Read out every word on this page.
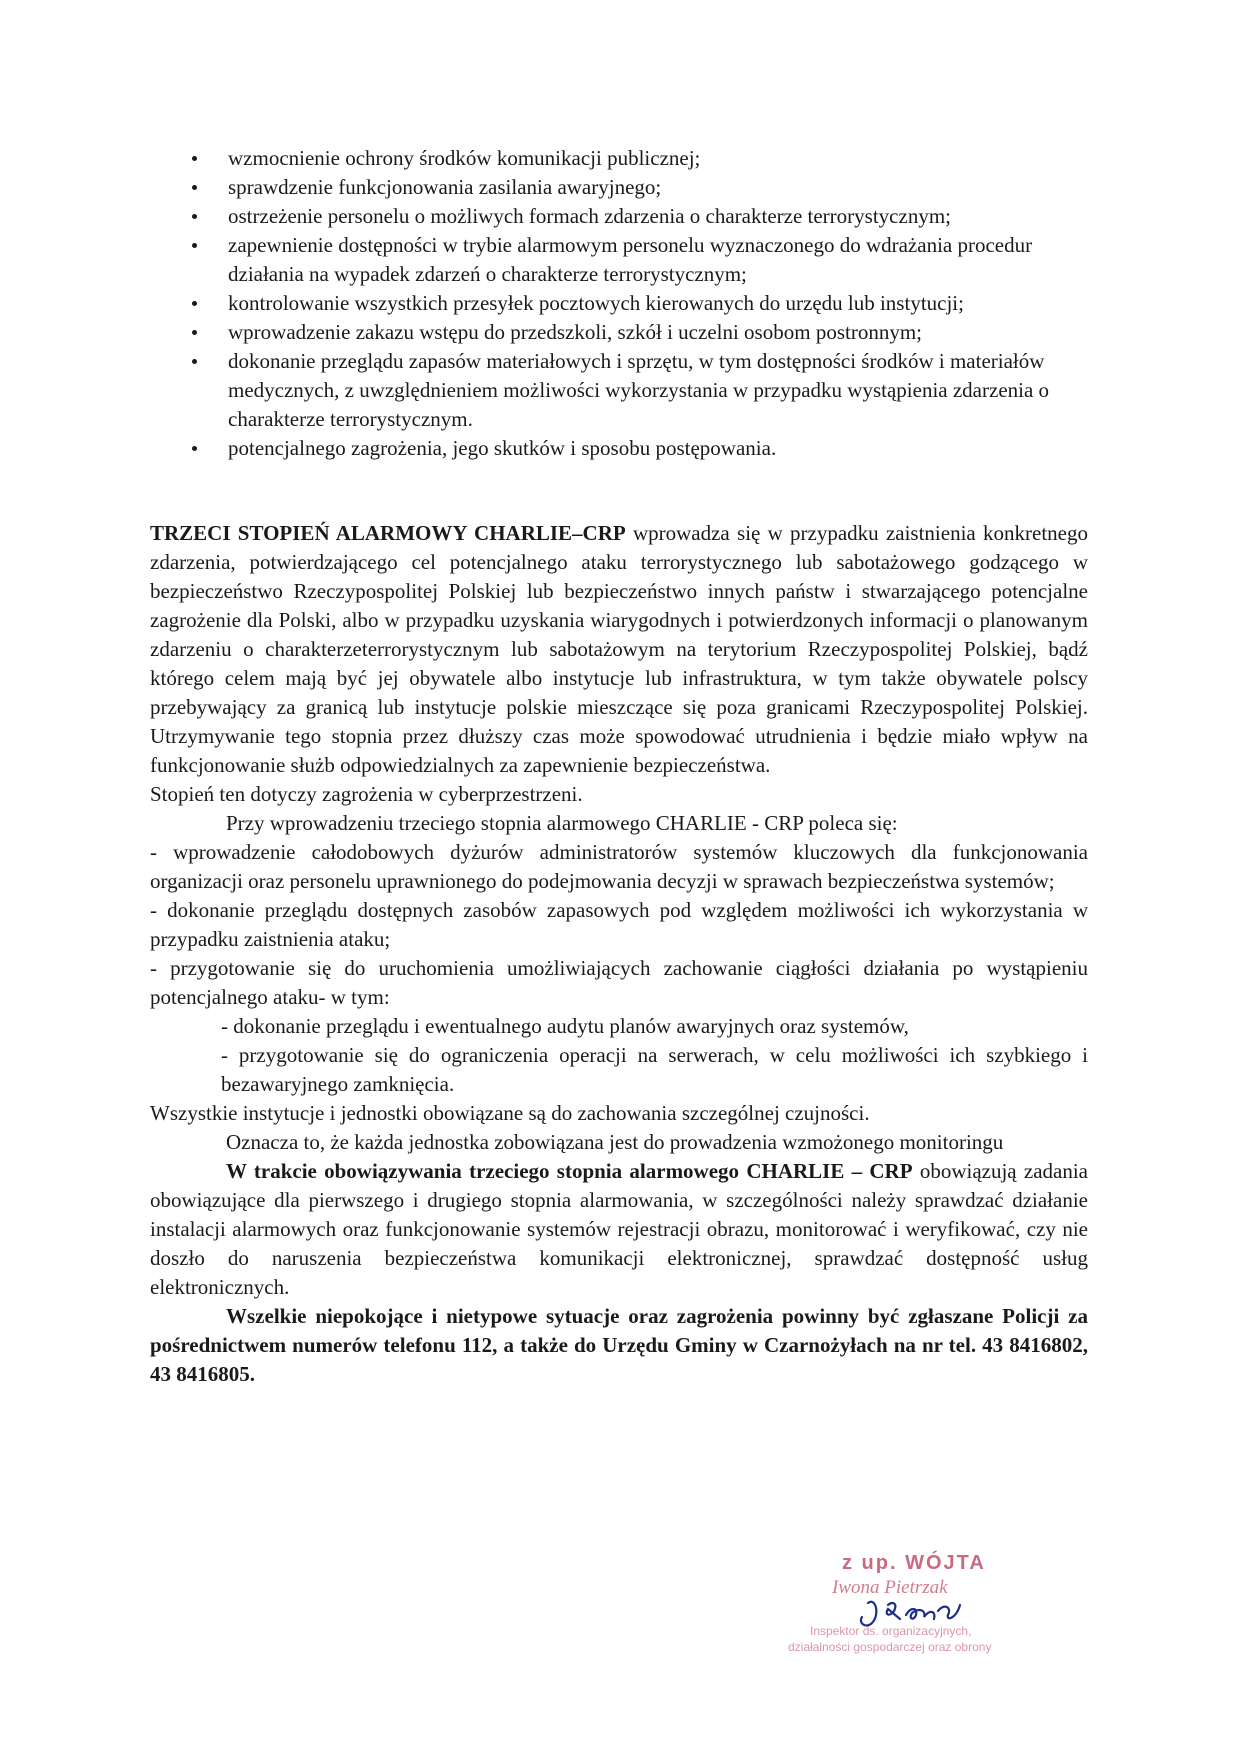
wzmocnienie ochrony środków komunikacji publicznej;
sprawdzenie funkcjonowania zasilania awaryjnego;
ostrzeżenie personelu o możliwych formach zdarzenia o charakterze terrorystycznym;
zapewnienie dostępności w trybie alarmowym personelu wyznaczonego do wdrażania procedur działania na wypadek zdarzeń o charakterze terrorystycznym;
kontrolowanie wszystkich przesyłek pocztowych kierowanych do urzędu lub instytucji;
wprowadzenie zakazu wstępu do przedszkoli, szkół i uczelni osobom postronnym;
dokonanie przeglądu zapasów materiałowych i sprzętu, w tym dostępności środków i materiałów medycznych, z uwzględnieniem możliwości wykorzystania w przypadku wystąpienia zdarzenia o charakterze terrorystycznym.
potencjalnego zagrożenia, jego skutków i sposobu postępowania.

TRZECI STOPIEŃ ALARMOWY CHARLIE–CRP wprowadza się w przypadku zaistnienia konkretnego zdarzenia, potwierdzającego cel potencjalnego ataku terrorystycznego lub sabotażowego godzącego w bezpieczeństwo Rzeczypospolitej Polskiej lub bezpieczeństwo innych państw i stwarzającego potencjalne zagrożenie dla Polski, albo w przypadku uzyskania wiarygodnych i potwierdzonych informacji o planowanym zdarzeniu o charakterzeterrorystycznym lub sabotażowym na terytorium Rzeczypospolitej Polskiej, bądź którego celem mają być jej obywatele albo instytucje lub infrastruktura, w tym także obywatele polscy przebywający za granicą lub instytucje polskie mieszczące się poza granicami Rzeczypospolitej Polskiej. Utrzymywanie tego stopnia przez dłuższy czas może spowodować utrudnienia i będzie miało wpływ na funkcjonowanie służb odpowiedzialnych za zapewnienie bezpieczeństwa.

Stopień ten dotyczy zagrożenia w cyberprzestrzeni.

Przy wprowadzeniu trzeciego stopnia alarmowego CHARLIE - CRP poleca się:

- wprowadzenie całodobowych dyżurów administratorów systemów kluczowych dla funkcjonowania organizacji oraz personelu uprawnionego do podejmowania decyzji w sprawach bezpieczeństwa systemów;

- dokonanie przeglądu dostępnych zasobów zapasowych pod względem możliwości ich wykorzystania w przypadku zaistnienia ataku;

- przygotowanie się do uruchomienia umożliwiających zachowanie ciągłości działania po wystąpieniu potencjalnego ataku- w tym:

- dokonanie przeglądu i ewentualnego audytu planów awaryjnych oraz systemów,

- przygotowanie się do ograniczenia operacji na serwerach, w celu możliwości ich szybkiego i bezawaryjnego zamknięcia.

Wszystkie instytucje i jednostki obowiązane są do zachowania szczególnej czujności.

Oznacza to, że każda jednostka zobowiązana jest do prowadzenia wzmożonego monitoringu

W trakcie obowiązywania trzeciego stopnia alarmowego CHARLIE – CRP obowiązują zadania obowiązujące dla pierwszego i drugiego stopnia alarmowania, w szczególności należy sprawdzać działanie instalacji alarmowych oraz funkcjonowanie systemów rejestracji obrazu, monitorować i weryfikować, czy nie doszło do naruszenia bezpieczeństwa komunikacji elektronicznej, sprawdzać dostępność usług elektronicznych.

Wszelkie niepokojące i nietypowe sytuacje oraz zagrożenia powinny być zgłaszane Policji za pośrednictwem numerów telefonu 112, a także do Urzędu Gminy w Czarnożyłach na nr tel. 43 8416802, 43 8416805.

z up. WÓJTA
Iwona Pietrzak
Inspektor ds. organizacyjnych,
działalności gospodarczej oraz obrony
